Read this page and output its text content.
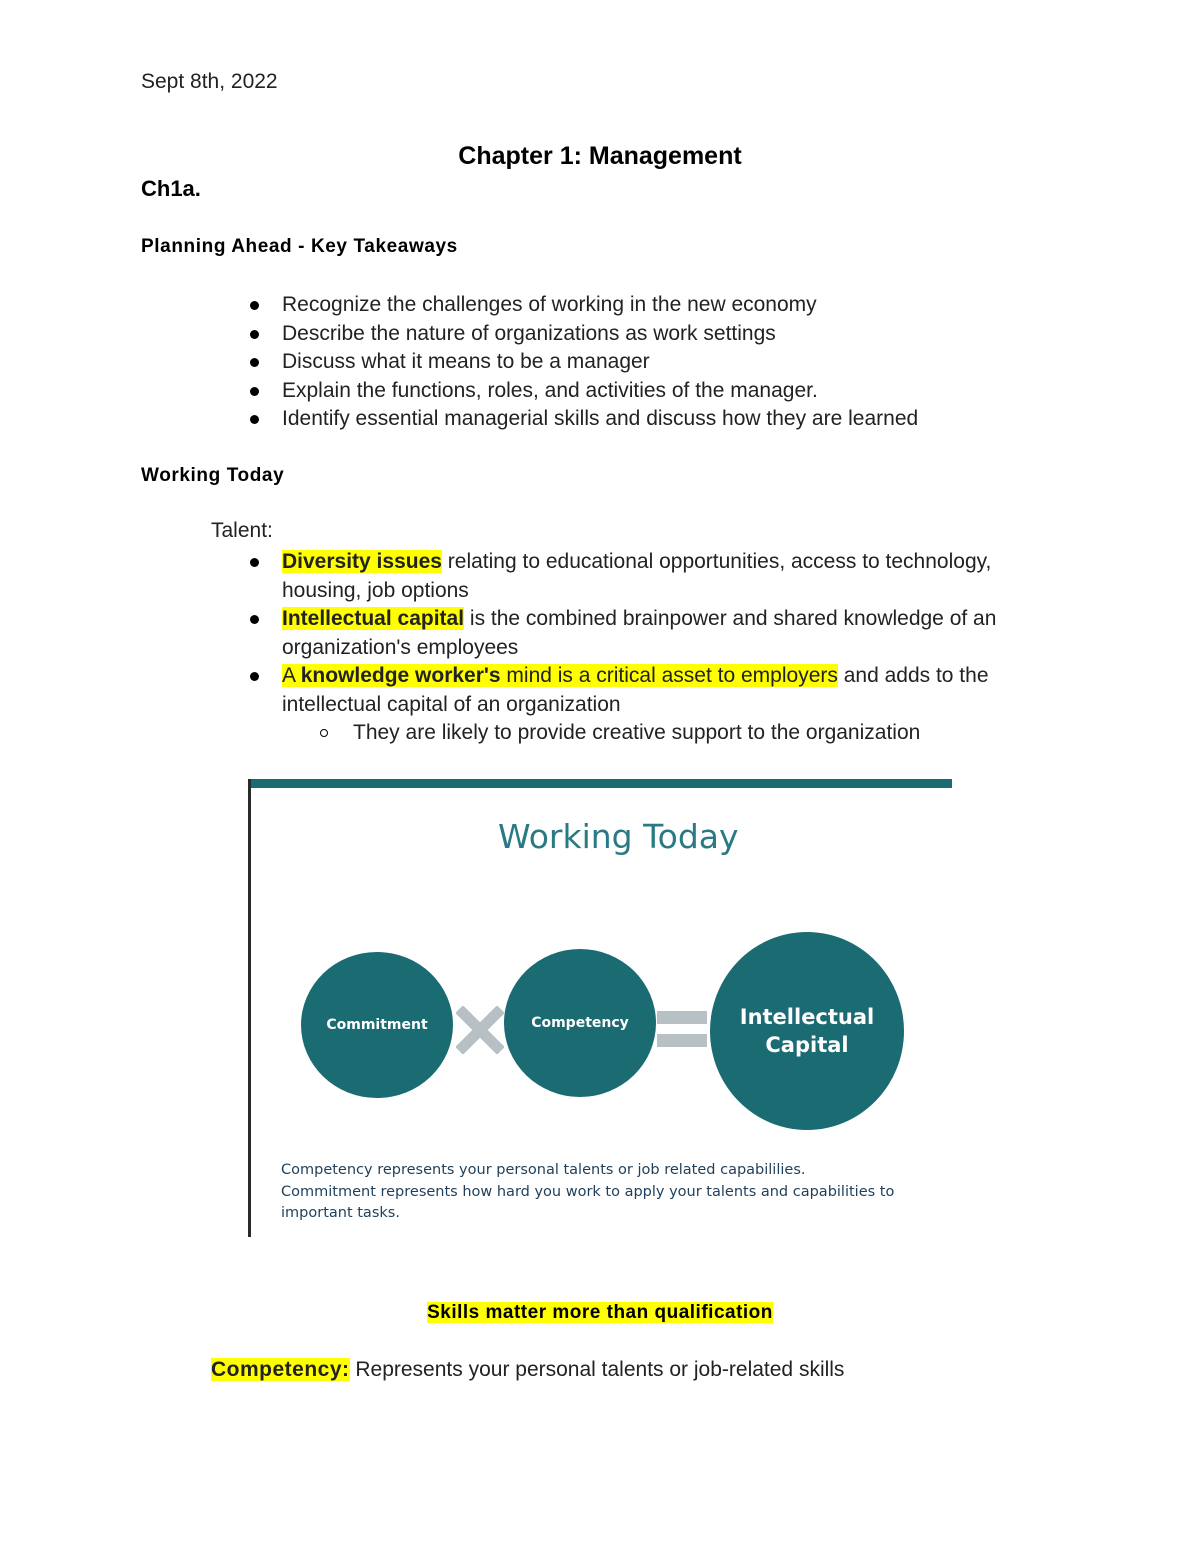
Sept 8th, 2022
Chapter 1: Management
Ch1a.
Planning Ahead - Key Takeaways
Recognize the challenges of working in the new economy
Describe the nature of organizations as work settings
Discuss what it means to be a manager
Explain the functions, roles, and activities of the manager.
Identify essential managerial skills and discuss how they are learned
Working Today
Talent:
Diversity issues relating to educational opportunities, access to technology, housing, job options
Intellectual capital is the combined brainpower and shared knowledge of an organization's employees
A knowledge worker's mind is a critical asset to employers and adds to the intellectual capital of an organization
They are likely to provide creative support to the organization
Working Today
Commitment	Competency	Intellectual
Capital
Competency represents your personal talents or job related capabililies.
Commitment represents how hard you work to apply your talents and capabilities to
important tasks.
Skills matter more than qualification
Competency: Represents your personal talents or job-related skills
